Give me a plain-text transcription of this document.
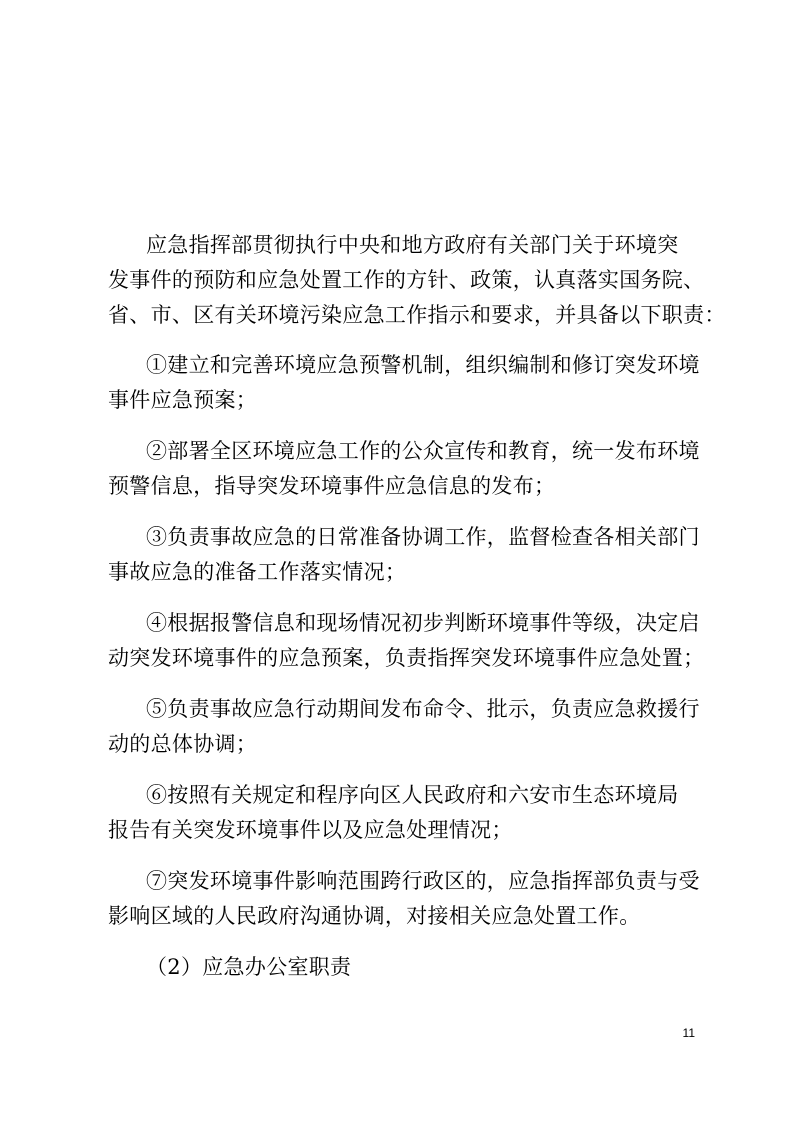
应急指挥部贯彻执行中央和地方政府有关部门关于环境突

发事件的预防和应急处置工作的方针、政策，认真落实国务院、

省、市、区有关环境污染应急工作指示和要求，并具备以下职责：

①建立和完善环境应急预警机制，组织编制和修订突发环境

事件应急预案；

②部署全区环境应急工作的公众宣传和教育，统一发布环境

预警信息，指导突发环境事件应急信息的发布；

③负责事故应急的日常准备协调工作，监督检查各相关部门

事故应急的准备工作落实情况；

④根据报警信息和现场情况初步判断环境事件等级，决定启

动突发环境事件的应急预案，负责指挥突发环境事件应急处置；

⑤负责事故应急行动期间发布命令、批示，负责应急救援行

动的总体协调；

⑥按照有关规定和程序向区人民政府和六安市生态环境局

报告有关突发环境事件以及应急处理情况；

⑦突发环境事件影响范围跨行政区的，应急指挥部负责与受

影响区域的人民政府沟通协调，对接相关应急处置工作。

（2）应急办公室职责

11
